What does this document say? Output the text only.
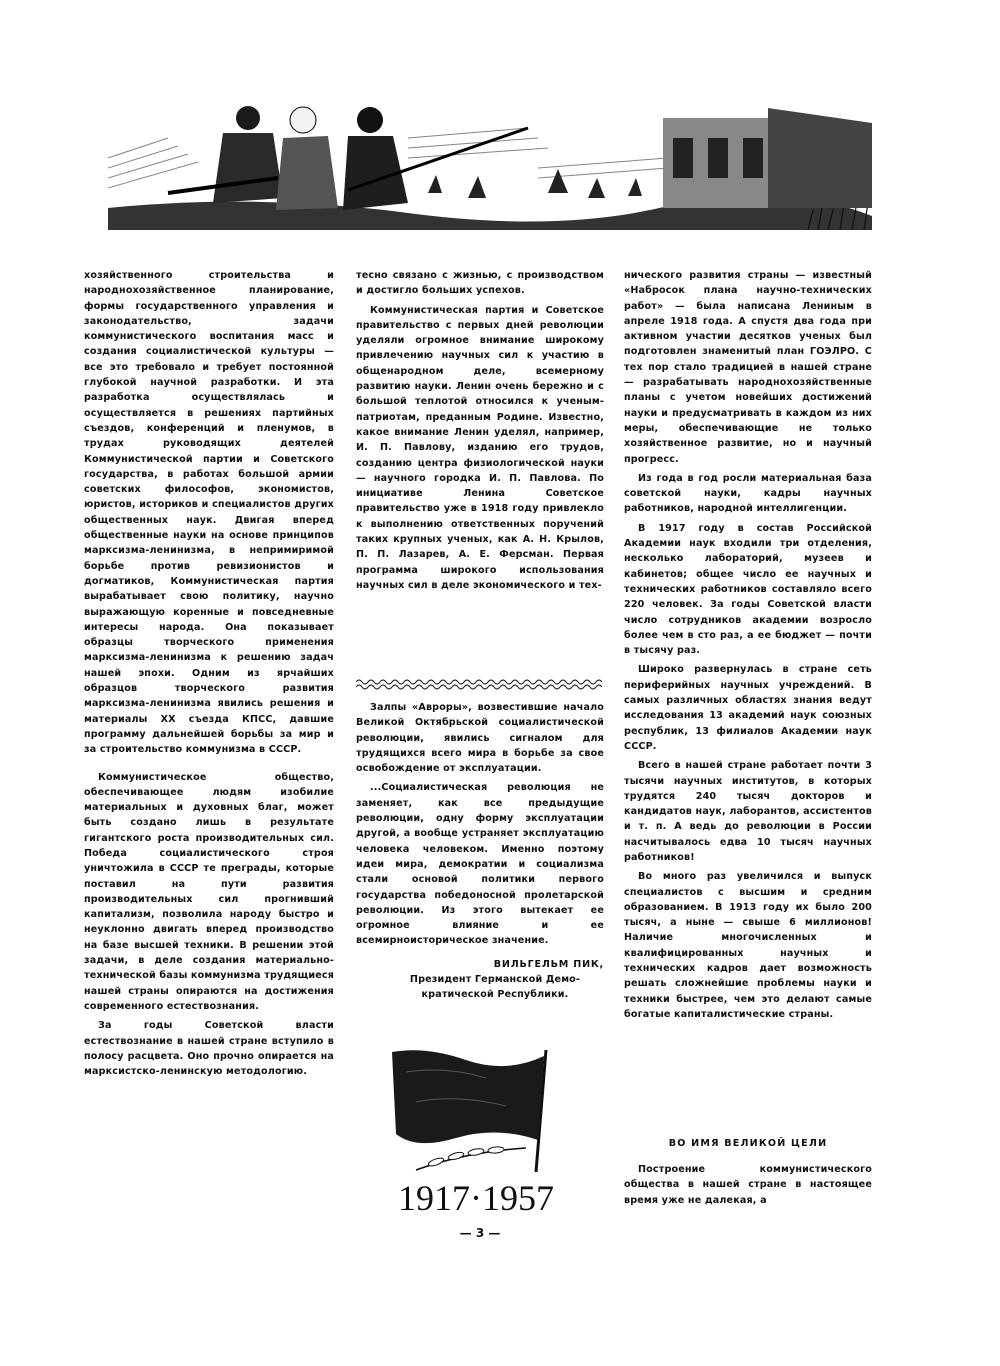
хозяйственного строительства и народнохозяйственное планирование, формы государственного управления и законодательство, задачи коммунистического воспитания масс и создания социалистической культуры — все это требовало и требует постоянной глубокой научной разработки. И эта разработка осуществлялась и осуществляется в решениях партийных съездов, конференций и пленумов, в трудах руководящих деятелей Коммунистической партии и Советского государства, в работах большой армии советских философов, экономистов, юристов, историков и специалистов других общественных наук. Двигая вперед общественные науки на основе принципов марксизма-ленинизма, в непримиримой борьбе против ревизионистов и догматиков, Коммунистическая партия вырабатывает свою политику, научно выражающую коренные и повседневные интересы народа. Она показывает образцы творческого применения марксизма-ленинизма к решению задач нашей эпохи. Одним из ярчайших образцов творческого развития марксизма-ленинизма явились решения и материалы XX съезда КПСС, давшие программу дальнейшей борьбы за мир и за строительство коммунизма в СССР.

Коммунистическое общество, обеспечивающее людям изобилие материальных и духовных благ, может быть создано лишь в результате гигантского роста производительных сил. Победа социалистического строя уничтожила в СССР те преграды, которые поставил на пути развития производительных сил прогнивший капитализм, позволила народу быстро и неуклонно двигать вперед производство на базе высшей техники. В решении этой задачи, в деле создания материально-технической базы коммунизма трудящиеся нашей страны опираются на достижения современного естествознания.

За годы Советской власти естествознание в нашей стране вступило в полосу расцвета. Оно прочно опирается на марксистско-ленинскую методологию.

тесно связано с жизнью, с производством и достигло больших успехов.

Коммунистическая партия и Советское правительство с первых дней революции уделяли огромное внимание широкому привлечению научных сил к участию в общенародном деле, всемерному развитию науки. Ленин очень бережно и с большой теплотой относился к ученым-патриотам, преданным Родине. Известно, какое внимание Ленин уделял, например, И. П. Павлову, изданию его трудов, созданию центра физиологической науки — научного городка И. П. Павлова. По инициативе Ленина Советское правительство уже в 1918 году привлекло к выполнению ответственных поручений таких крупных ученых, как А. Н. Крылов, П. П. Лазарев, А. Е. Ферсман. Первая программа широкого использования научных сил в деле экономического и тех-

Залпы «Авроры», возвестившие начало Великой Октябрьской социалистической революции, явились сигналом для трудящихся всего мира в борьбе за свое освобождение от эксплуатации.

...Социалистическая революция не заменяет, как все предыдущие революции, одну форму эксплуатации другой, а вообще устраняет эксплуатацию человека человеком. Именно поэтому идеи мира, демократии и социализма стали основой политики первого государства победоносной пролетарской революции. Из этого вытекает ее огромное влияние и ее всемирноисторическое значение.

ВИЛЬГЕЛЬМ ПИК,
Президент Германской Демо-
кратической Республики.
1917·1957

нического развития страны — известный «Набросок плана научно-технических работ» — была написана Лениным в апреле 1918 года. А спустя два года при активном участии десятков ученых был подготовлен знаменитый план ГОЭЛРО. С тех пор стало традицией в нашей стране — разрабатывать народнохозяйственные планы с учетом новейших достижений науки и предусматривать в каждом из них меры, обеспечивающие не только хозяйственное развитие, но и научный прогресс.

Из года в год росли материальная база советской науки, кадры научных работников, народной интеллигенции.

В 1917 году в состав Российской Академии наук входили три отделения, несколько лабораторий, музеев и кабинетов; общее число ее научных и технических работников составляло всего 220 человек. За годы Советской власти число сотрудников академии возросло более чем в сто раз, а ее бюджет — почти в тысячу раз.

Широко развернулась в стране сеть периферийных научных учреждений. В самых различных областях знания ведут исследования 13 академий наук союзных республик, 13 филиалов Академии наук СССР.

Всего в нашей стране работает почти 3 тысячи научных институтов, в которых трудятся 240 тысяч докторов и кандидатов наук, лаборантов, ассистентов и т. п. А ведь до революции в России насчитывалось едва 10 тысяч научных работников!

Во много раз увеличился и выпуск специалистов с высшим и средним образованием. В 1913 году их было 200 тысяч, а ныне — свыше 6 миллионов! Наличие многочисленных и квалифицированных научных и технических кадров дает возможность решать сложнейшие проблемы науки и техники быстрее, чем это делают самые богатые капиталистические страны.

ВО ИМЯ ВЕЛИКОЙ ЦЕЛИ

Построение коммунистического общества в нашей стране в настоящее время уже не далекая, а

— 3 —
